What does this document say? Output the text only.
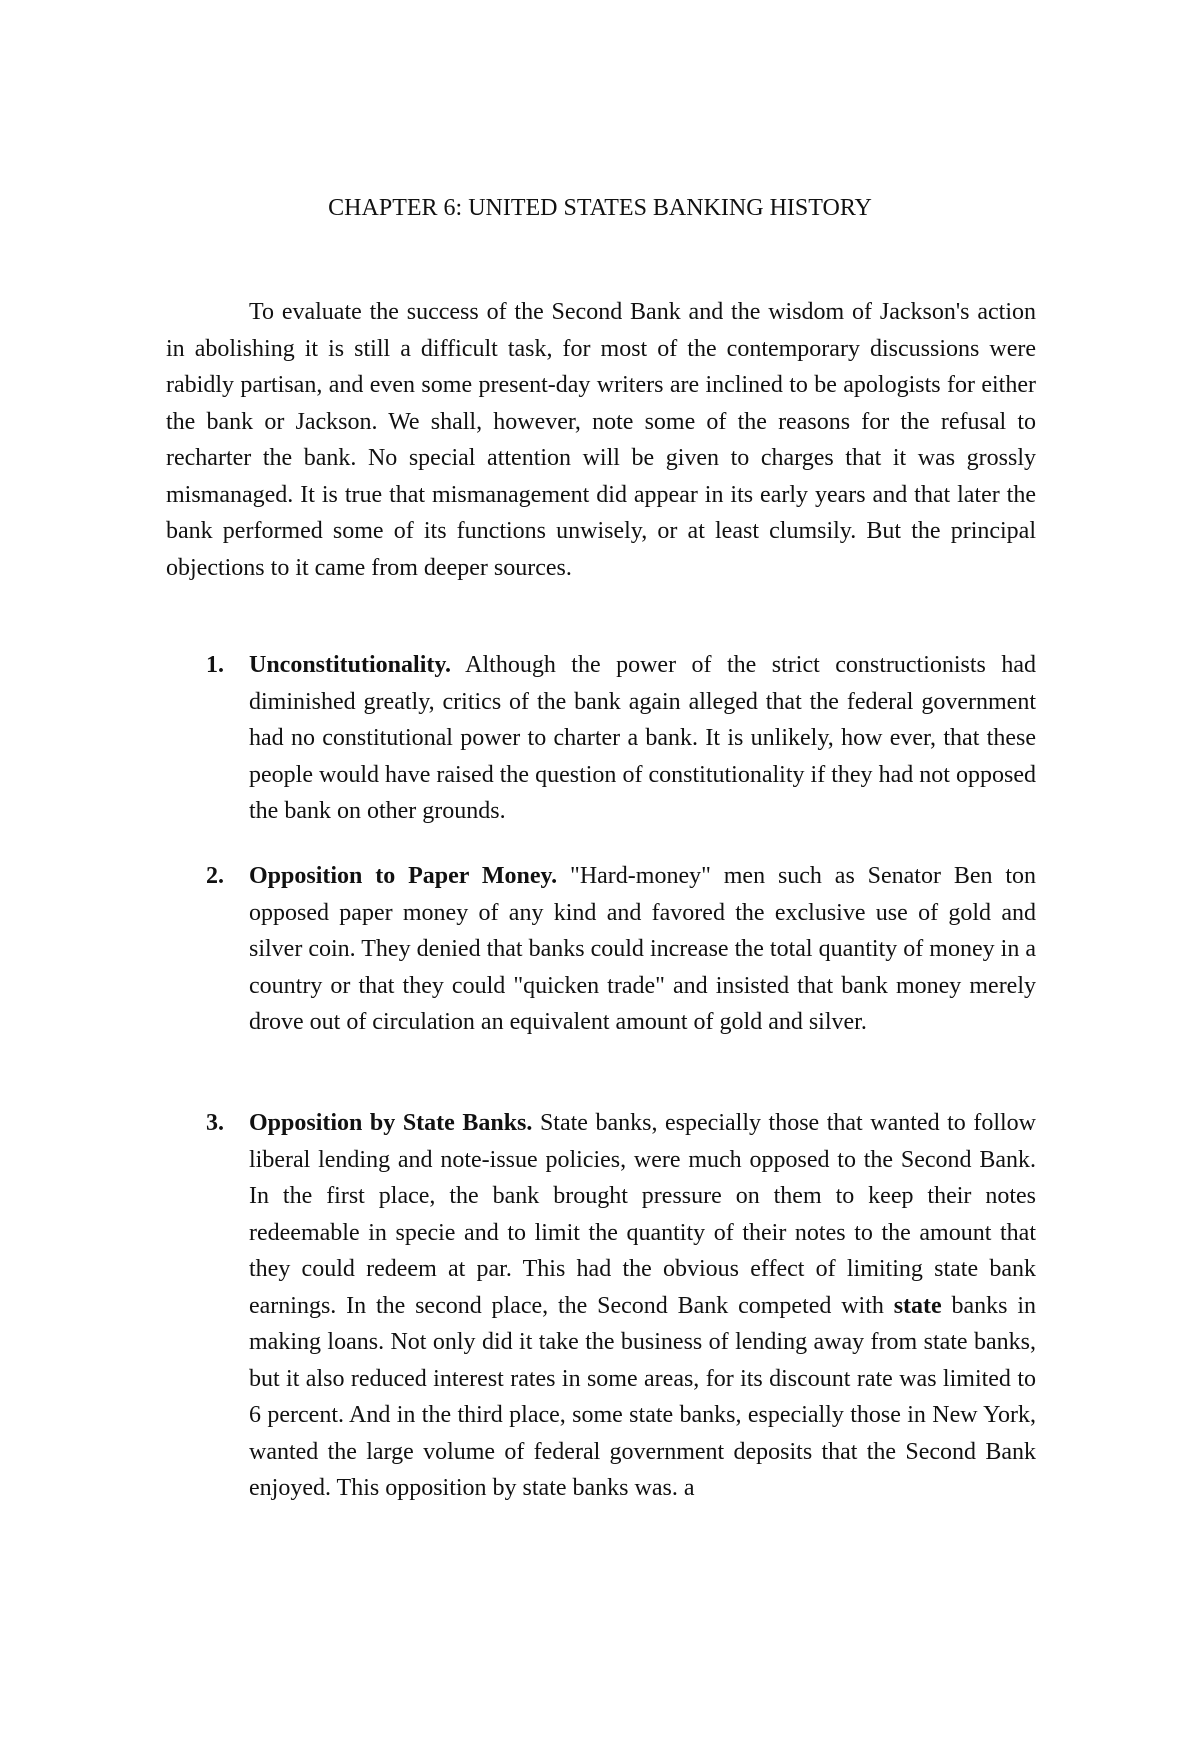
CHAPTER 6: UNITED STATES BANKING HISTORY

To evaluate the success of the Second Bank and the wisdom of Jackson's action in abolishing it is still a difficult task, for most of the contemporary discussions were rabidly partisan, and even some present-day writers are inclined to be apologists for either the bank or Jackson. We shall, however, note some of the reasons for the refusal to recharter the bank. No special attention will be given to charges that it was grossly mismanaged. It is true that mismanagement did appear in its early years and that later the bank performed some of its functions unwisely, or at least clumsily. But the principal objections to it came from deeper sources.

1. Unconstitutionality. Although the power of the strict constructionists had diminished greatly, critics of the bank again alleged that the federal government had no constitutional power to charter a bank. It is unlikely, how ever, that these people would have raised the question of constitutionality if they had not opposed the bank on other grounds.
2. Opposition to Paper Money. "Hard-money" men such as Senator Ben ton opposed paper money of any kind and favored the exclusive use of gold and silver coin. They denied that banks could increase the total quantity of money in a country or that they could "quicken trade" and insisted that bank money merely drove out of circulation an equivalent amount of gold and silver.
3. Opposition by State Banks. State banks, especially those that wanted to follow liberal lending and note-issue policies, were much opposed to the Second Bank. In the first place, the bank brought pressure on them to keep their notes redeemable in specie and to limit the quantity of their notes to the amount that they could redeem at par. This had the obvious effect of limiting state bank earnings. In the second place, the Second Bank competed with state banks in making loans. Not only did it take the business of lending away from state banks, but it also reduced interest rates in some areas, for its discount rate was limited to 6 percent. And in the third place, some state banks, especially those in New York, wanted the large volume of federal government deposits that the Second Bank enjoyed. This opposition by state banks was. a
